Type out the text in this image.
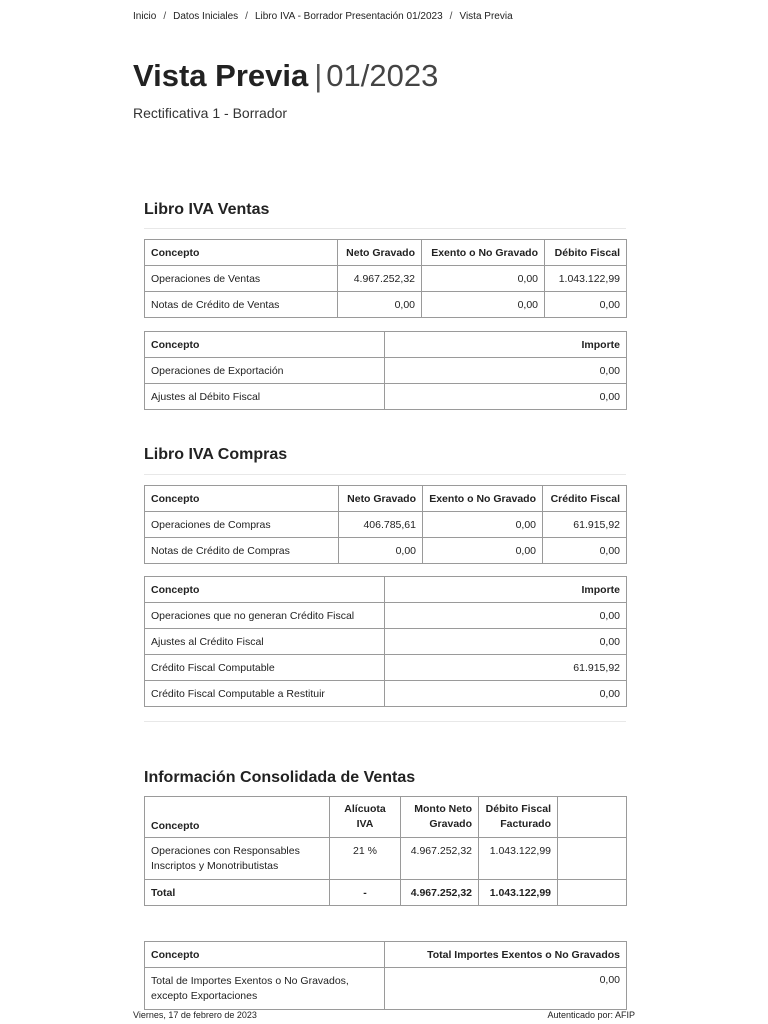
Inicio / Datos Iniciales / Libro IVA - Borrador Presentación 01/2023 / Vista Previa
Vista Previa | 01/2023
Rectificativa 1 - Borrador
Libro IVA Ventas
Concepto	Neto Gravado	Exento o No Gravado	Débito Fiscal
Operaciones de Ventas	4.967.252,32	0,00	1.043.122,99
Notas de Crédito de Ventas	0,00	0,00	0,00
Concepto	Importe
Operaciones de Exportación	0,00
Ajustes al Débito Fiscal	0,00
Libro IVA Compras
Concepto	Neto Gravado	Exento o No Gravado	Crédito Fiscal
Operaciones de Compras	406.785,61	0,00	61.915,92
Notas de Crédito de Compras	0,00	0,00	0,00
Concepto	Importe
Operaciones que no generan Crédito Fiscal	0,00
Ajustes al Crédito Fiscal	0,00
Crédito Fiscal Computable	61.915,92
Crédito Fiscal Computable a Restituir	0,00
Información Consolidada de Ventas
Concepto	Alícuota IVA	Monto Neto Gravado	Débito Fiscal Facturado	
Operaciones con Responsables Inscriptos y Monotributistas	21 %	4.967.252,32	1.043.122,99	
Total	-	4.967.252,32	1.043.122,99	
Concepto	Total Importes Exentos o No Gravados
Total de Importes Exentos o No Gravados, excepto Exportaciones	0,00
Viernes, 17 de febrero de 2023	Autenticado por: AFIP
